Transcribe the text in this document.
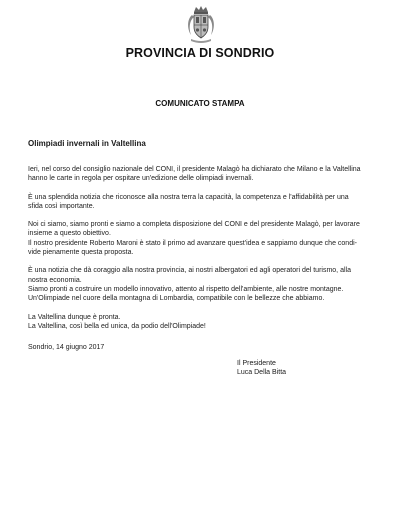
PROVINCIA DI SONDRIO
COMUNICATO STAMPA
Olimpiadi invernali in Valtellina

Ieri, nel corso del consiglio nazionale del CONI, il presidente Malagò ha dichiarato che Milano e la Valtellina
hanno le carte in regola per ospitare un'edizione delle olimpiadi invernali.

È una splendida notizia che riconosce alla nostra terra la capacità, la competenza e l'affidabilità per una
sfida così importante.

Noi ci siamo, siamo pronti e siamo a completa disposizione del CONI e del presidente Malagò, per lavorare
insieme a questo obiettivo.
Il nostro presidente Roberto Maroni è stato il primo ad avanzare quest'idea e sappiamo dunque che condi-
vide pienamente questa proposta.

È una notizia che dà coraggio alla nostra provincia, ai nostri albergatori ed agli operatori del turismo, alla
nostra economia.
Siamo pronti a costruire un modello innovativo, attento al rispetto dell'ambiente, alle nostre montagne.
Un'Olimpiade nel cuore della montagna di Lombardia, compatibile con le bellezze che abbiamo.

La Valtellina dunque è pronta.
La Valtellina, così bella ed unica, da podio dell'Olimpiade!

Sondrio, 14 giugno 2017
Il Presidente
Luca Della Bitta
